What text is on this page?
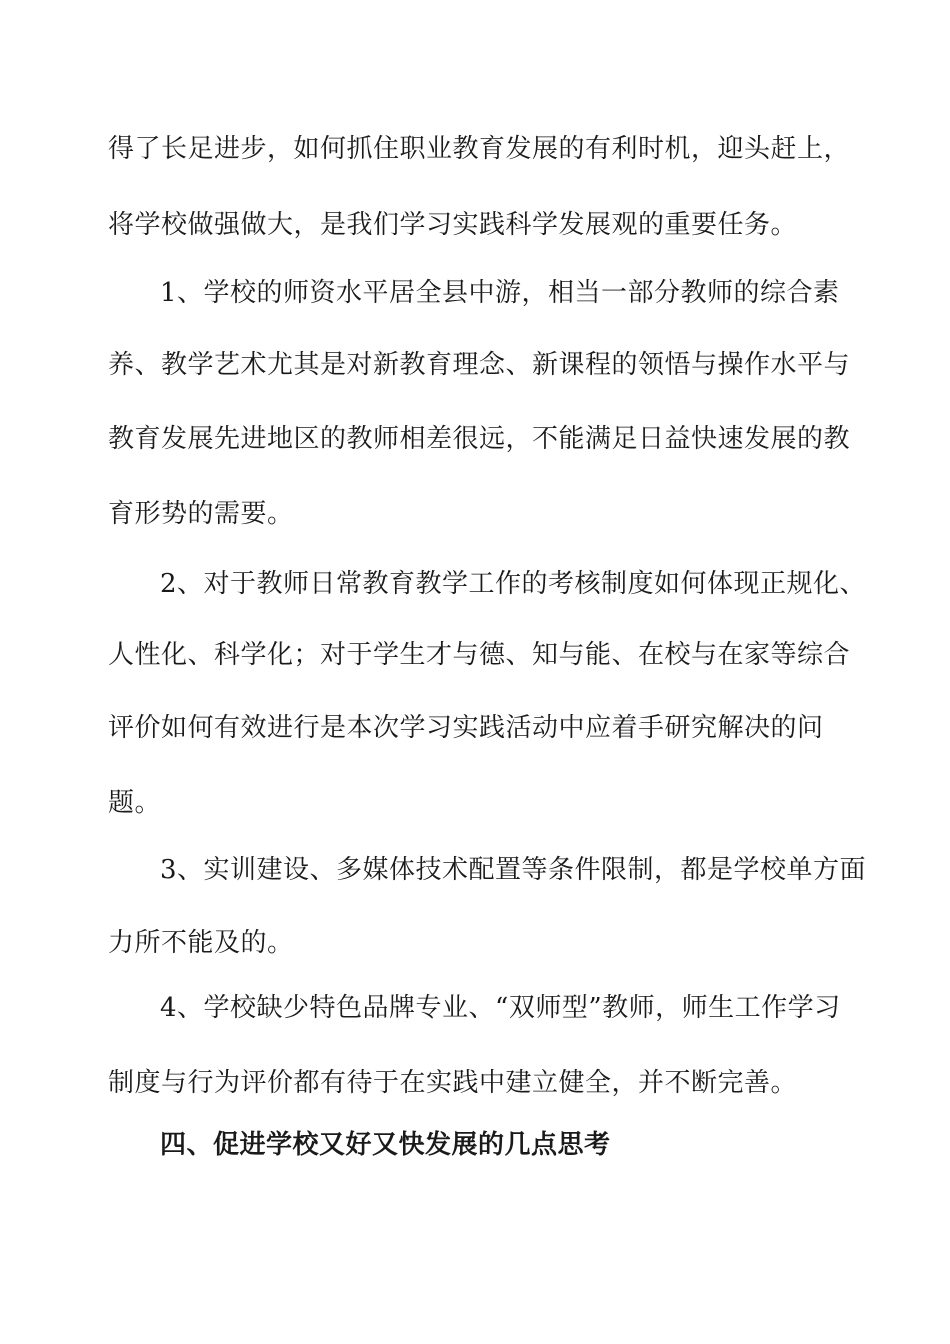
得了长足进步，如何抓住职业教育发展的有利时机，迎头赶上，
将学校做强做大，是我们学习实践科学发展观的重要任务。
1、学校的师资水平居全县中游，相当一部分教师的综合素
养、教学艺术尤其是对新教育理念、新课程的领悟与操作水平与
教育发展先进地区的教师相差很远，不能满足日益快速发展的教
育形势的需要。
2、对于教师日常教育教学工作的考核制度如何体现正规化、
人性化、科学化；对于学生才与德、知与能、在校与在家等综合
评价如何有效进行是本次学习实践活动中应着手研究解决的问
题。
3、实训建设、多媒体技术配置等条件限制，都是学校单方面
力所不能及的。
4、学校缺少特色品牌专业、“双师型”教师，师生工作学习
制度与行为评价都有待于在实践中建立健全，并不断完善。
四、促进学校又好又快发展的几点思考
